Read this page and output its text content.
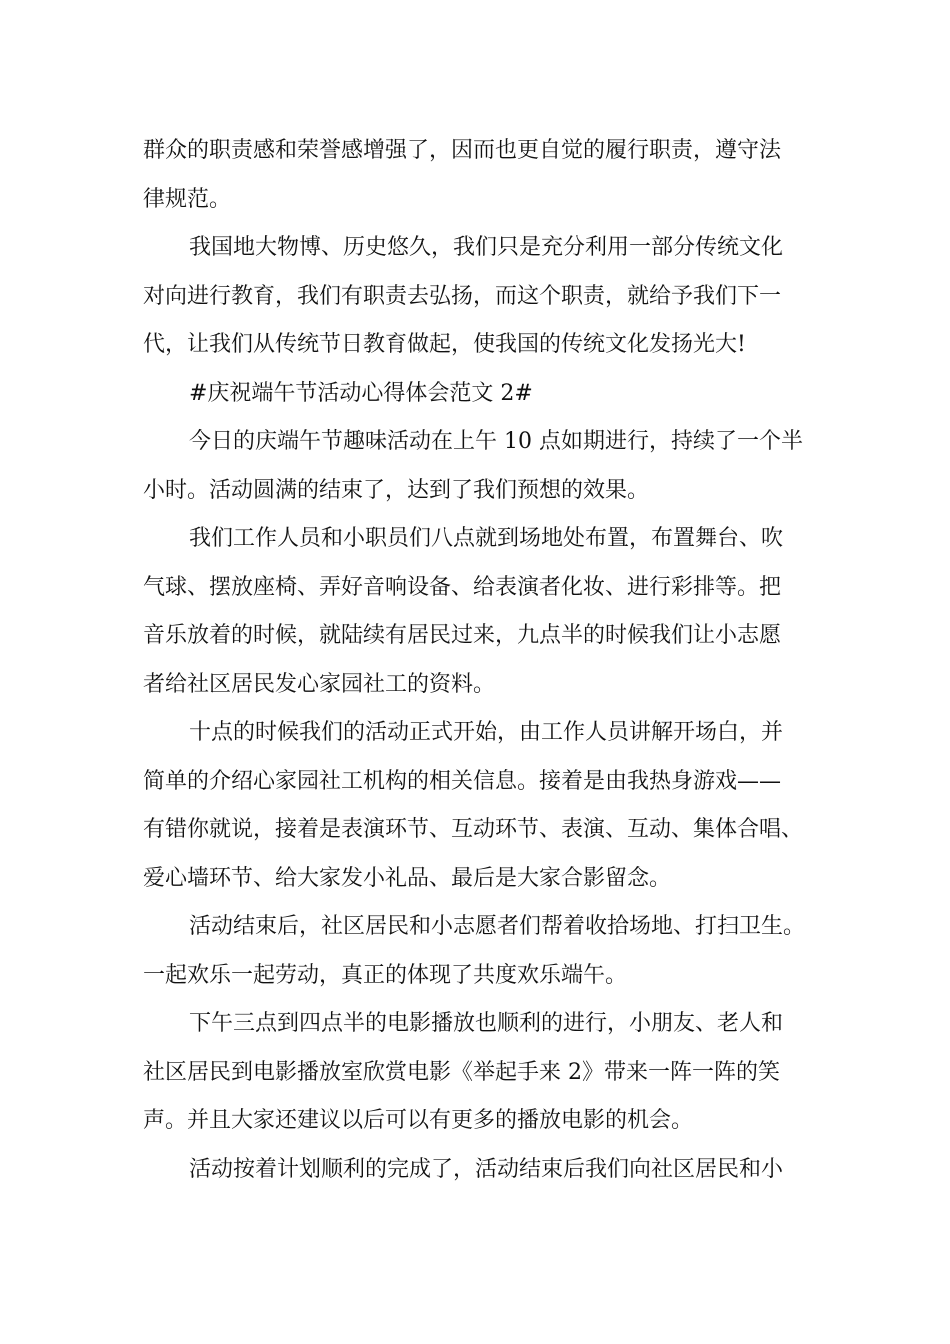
群众的职责感和荣誉感增强了，因而也更自觉的履行职责，遵守法
律规范。

我国地大物博、历史悠久，我们只是充分利用一部分传统文化
对向进行教育，我们有职责去弘扬，而这个职责，就给予我们下一
代，让我们从传统节日教育做起，使我国的传统文化发扬光大!

#庆祝端午节活动心得体会范文 2#

今日的庆端午节趣味活动在上午 10 点如期进行，持续了一个半
小时。活动圆满的结束了，达到了我们预想的效果。

我们工作人员和小职员们八点就到场地处布置，布置舞台、吹
气球、摆放座椅、弄好音响设备、给表演者化妆、进行彩排等。把
音乐放着的时候，就陆续有居民过来，九点半的时候我们让小志愿
者给社区居民发心家园社工的资料。

十点的时候我们的活动正式开始，由工作人员讲解开场白，并
简单的介绍心家园社工机构的相关信息。接着是由我热身游戏——
有错你就说，接着是表演环节、互动环节、表演、互动、集体合唱、
爱心墙环节、给大家发小礼品、最后是大家合影留念。

活动结束后，社区居民和小志愿者们帮着收拾场地、打扫卫生。
一起欢乐一起劳动，真正的体现了共度欢乐端午。

下午三点到四点半的电影播放也顺利的进行，小朋友、老人和
社区居民到电影播放室欣赏电影《举起手来 2》带来一阵一阵的笑
声。并且大家还建议以后可以有更多的播放电影的机会。

活动按着计划顺利的完成了，活动结束后我们向社区居民和小
